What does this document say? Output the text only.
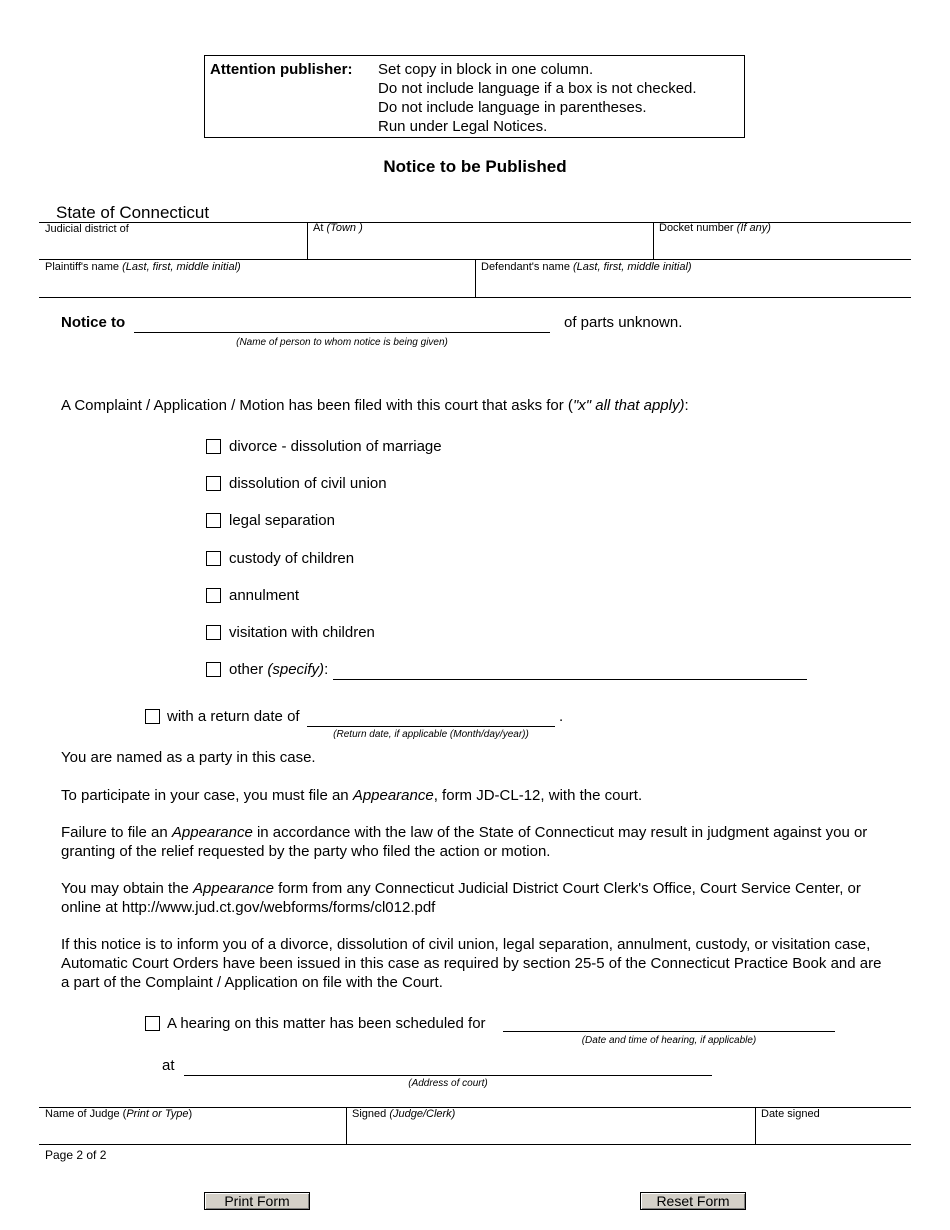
Attention publisher: Set copy in block in one column.
Do not include language if a box is not checked.
Do not include language in parentheses.
Run under Legal Notices.
Notice to be Published
State of Connecticut
Judicial district of	At (Town )	Docket number (If any)
Plaintiff's name (Last, first, middle initial)	Defendant's name (Last, first, middle initial)
Notice to	of parts unknown.
(Name of person to whom notice is being given)
A Complaint / Application / Motion has been filed with this court that asks for ("x" all that apply):
divorce - dissolution of marriage
dissolution of civil union
legal separation
custody of children
annulment
visitation with children
other (specify):
with a return date of	.
(Return date, if applicable (Month/day/year))
You are named as a party in this case.
To participate in your case, you must file an Appearance, form JD-CL-12, with the court.
Failure to file an Appearance in accordance with the law of the State of Connecticut may result in judgment against you or granting of the relief requested by the party who filed the action or motion.
You may obtain the Appearance form from any Connecticut Judicial District Court Clerk's Office, Court Service Center, or online at http://www.jud.ct.gov/webforms/forms/cl012.pdf
If this notice is to inform you of a divorce, dissolution of civil union, legal separation, annulment, custody, or visitation case, Automatic Court Orders have been issued in this case as required by section 25-5 of the Connecticut Practice Book and are a part of the Complaint / Application on file with the Court.
A hearing on this matter has been scheduled for
(Date and time of hearing, if applicable)
at
(Address of court)
Name of Judge (Print or Type)	Signed (Judge/Clerk)	Date signed
Page 2 of 2
Print Form	Reset Form
